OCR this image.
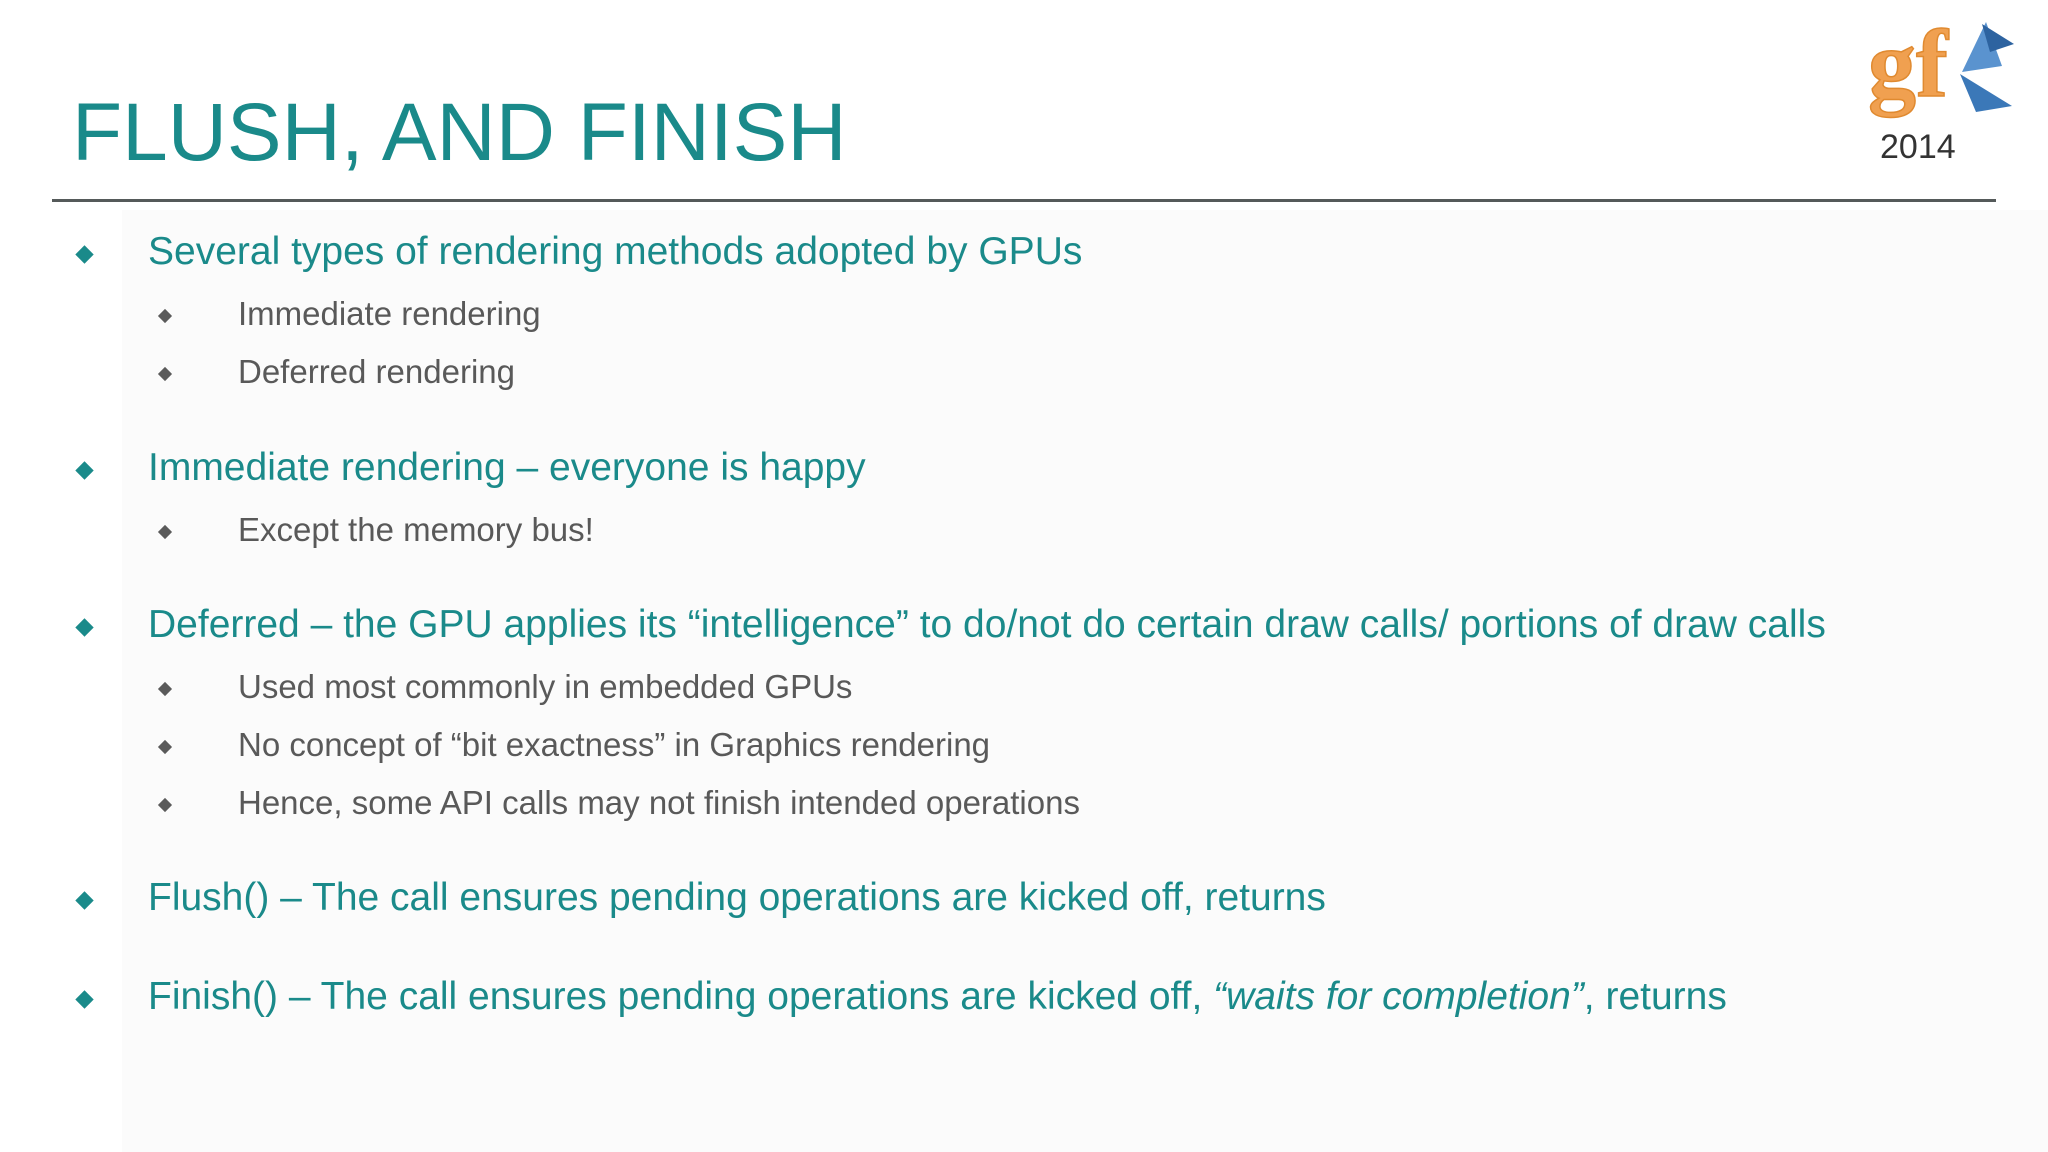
FLUSH, AND FINISH
gf
2014
Several types of rendering methods adopted by GPUs
Immediate rendering
Deferred rendering
Immediate rendering – everyone is happy
Except the memory bus!
Deferred – the GPU applies its “intelligence” to do/not do certain draw calls/ portions of draw calls
Used most commonly in embedded GPUs
No concept of “bit exactness” in Graphics rendering
Hence, some API calls may not finish intended operations
Flush() – The call ensures pending operations are kicked off, returns
Finish() – The call ensures pending operations are kicked off, “waits for completion”, returns
